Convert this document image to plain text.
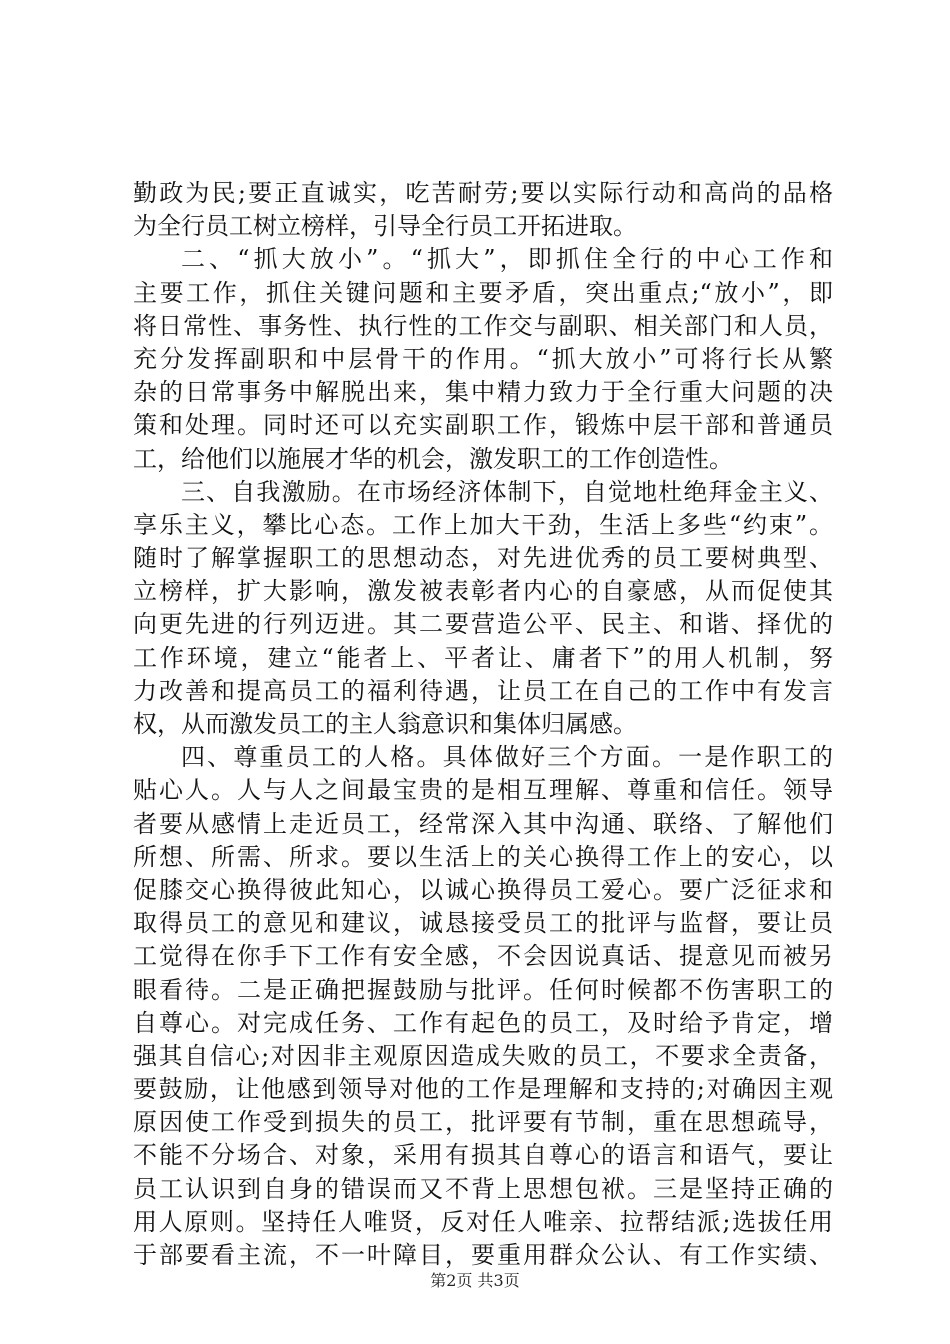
勤政为民;要正直诚实，吃苦耐劳;要以实际行动和高尚的品格
为全行员工树立榜样，引导全行员工开拓进取。
二、“抓大放小”。“抓大”，即抓住全行的中心工作和
主要工作，抓住关键问题和主要矛盾，突出重点;“放小”，即
将日常性、事务性、执行性的工作交与副职、相关部门和人员，
充分发挥副职和中层骨干的作用。“抓大放小”可将行长从繁
杂的日常事务中解脱出来，集中精力致力于全行重大问题的决
策和处理。同时还可以充实副职工作，锻炼中层干部和普通员
工，给他们以施展才华的机会，激发职工的工作创造性。
三、自我激励。在市场经济体制下，自觉地杜绝拜金主义、
享乐主义，攀比心态。工作上加大干劲，生活上多些“约束”。
随时了解掌握职工的思想动态，对先进优秀的员工要树典型、
立榜样，扩大影响，激发被表彰者内心的自豪感，从而促使其
向更先进的行列迈进。其二要营造公平、民主、和谐、择优的
工作环境，建立“能者上、平者让、庸者下”的用人机制，努
力改善和提高员工的福利待遇，让员工在自己的工作中有发言
权，从而激发员工的主人翁意识和集体归属感。
四、尊重员工的人格。具体做好三个方面。一是作职工的
贴心人。人与人之间最宝贵的是相互理解、尊重和信任。领导
者要从感情上走近员工，经常深入其中沟通、联络、了解他们
所想、所需、所求。要以生活上的关心换得工作上的安心，以
促膝交心换得彼此知心，以诚心换得员工爱心。要广泛征求和
取得员工的意见和建议，诚恳接受员工的批评与监督，要让员
工觉得在你手下工作有安全感，不会因说真话、提意见而被另
眼看待。二是正确把握鼓励与批评。任何时候都不伤害职工的
自尊心。对完成任务、工作有起色的员工，及时给予肯定，增
强其自信心;对因非主观原因造成失败的员工，不要求全责备，
要鼓励，让他感到领导对他的工作是理解和支持的;对确因主观
原因使工作受到损失的员工，批评要有节制，重在思想疏导，
不能不分场合、对象，采用有损其自尊心的语言和语气，要让
员工认识到自身的错误而又不背上思想包袱。三是坚持正确的
用人原则。坚持任人唯贤，反对任人唯亲、拉帮结派;选拔任用
于部要看主流，不一叶障目，要重用群众公认、有工作实绩、
第2页 共3页
